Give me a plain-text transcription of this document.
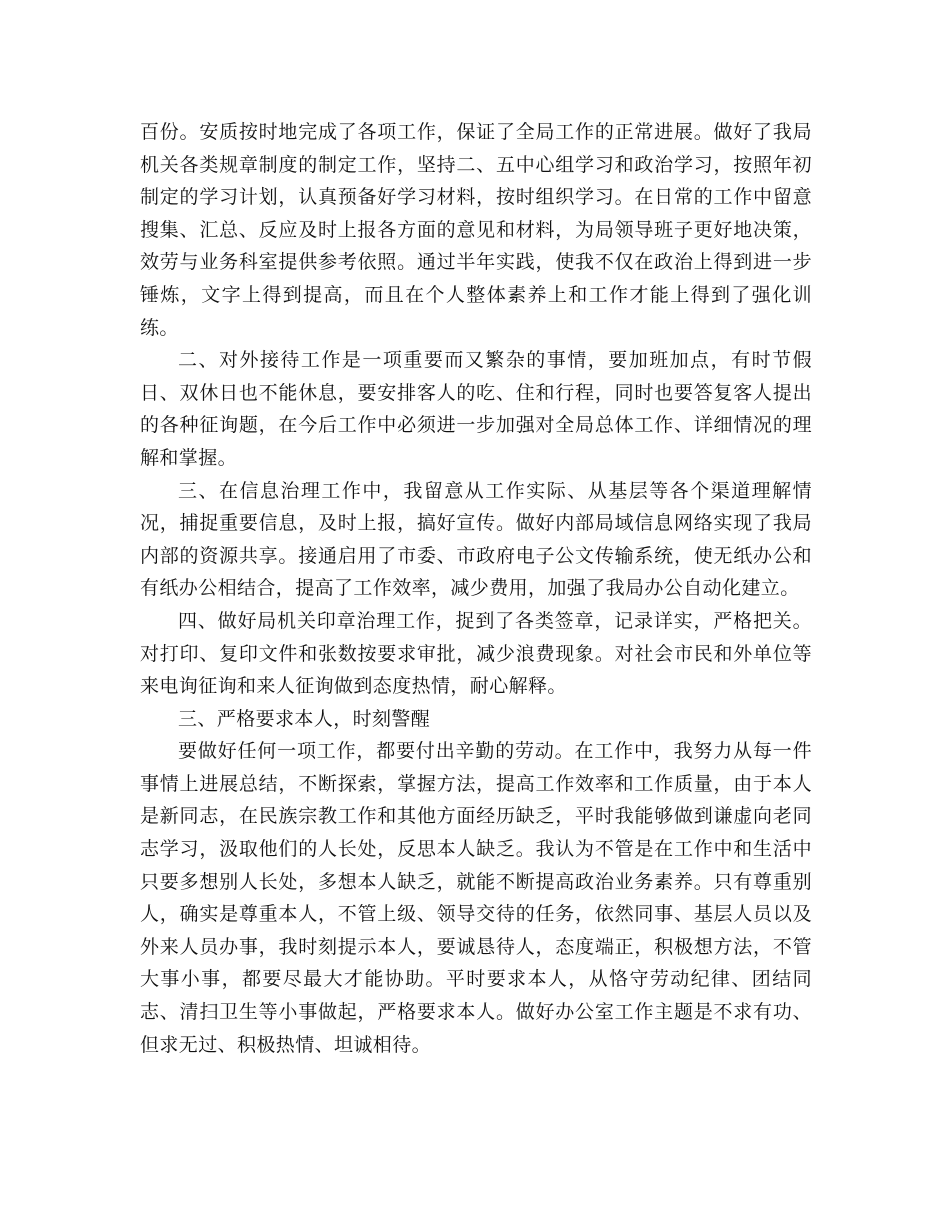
百份。安质按时地完成了各项工作，保证了全局工作的正常进展。做好了我局机关各类规章制度的制定工作，坚持二、五中心组学习和政治学习，按照年初制定的学习计划，认真预备好学习材料，按时组织学习。在日常的工作中留意搜集、汇总、反应及时上报各方面的意见和材料，为局领导班子更好地决策，效劳与业务科室提供参考依照。通过半年实践，使我不仅在政治上得到进一步锤炼，文字上得到提高，而且在个人整体素养上和工作才能上得到了强化训练。

二、对外接待工作是一项重要而又繁杂的事情，要加班加点，有时节假日、双休日也不能休息，要安排客人的吃、住和行程，同时也要答复客人提出的各种征询题，在今后工作中必须进一步加强对全局总体工作、详细情况的理解和掌握。

三、在信息治理工作中，我留意从工作实际、从基层等各个渠道理解情况，捕捉重要信息，及时上报，搞好宣传。做好内部局域信息网络实现了我局内部的资源共享。接通启用了市委、市政府电子公文传输系统，使无纸办公和有纸办公相结合，提高了工作效率，减少费用，加强了我局办公自动化建立。

四、做好局机关印章治理工作，捉到了各类签章，记录详实，严格把关。对打印、复印文件和张数按要求审批，减少浪费现象。对社会市民和外单位等来电询征询和来人征询做到态度热情，耐心解释。

三、严格要求本人，时刻警醒

要做好任何一项工作，都要付出辛勤的劳动。在工作中，我努力从每一件事情上进展总结，不断探索，掌握方法，提高工作效率和工作质量，由于本人是新同志，在民族宗教工作和其他方面经历缺乏，平时我能够做到谦虚向老同志学习，汲取他们的人长处，反思本人缺乏。我认为不管是在工作中和生活中只要多想别人长处，多想本人缺乏，就能不断提高政治业务素养。只有尊重别人，确实是尊重本人，不管上级、领导交待的任务，依然同事、基层人员以及外来人员办事，我时刻提示本人，要诚恳待人，态度端正，积极想方法，不管大事小事，都要尽最大才能协助。平时要求本人，从恪守劳动纪律、团结同志、清扫卫生等小事做起，严格要求本人。做好办公室工作主题是不求有功、但求无过、积极热情、坦诚相待。
